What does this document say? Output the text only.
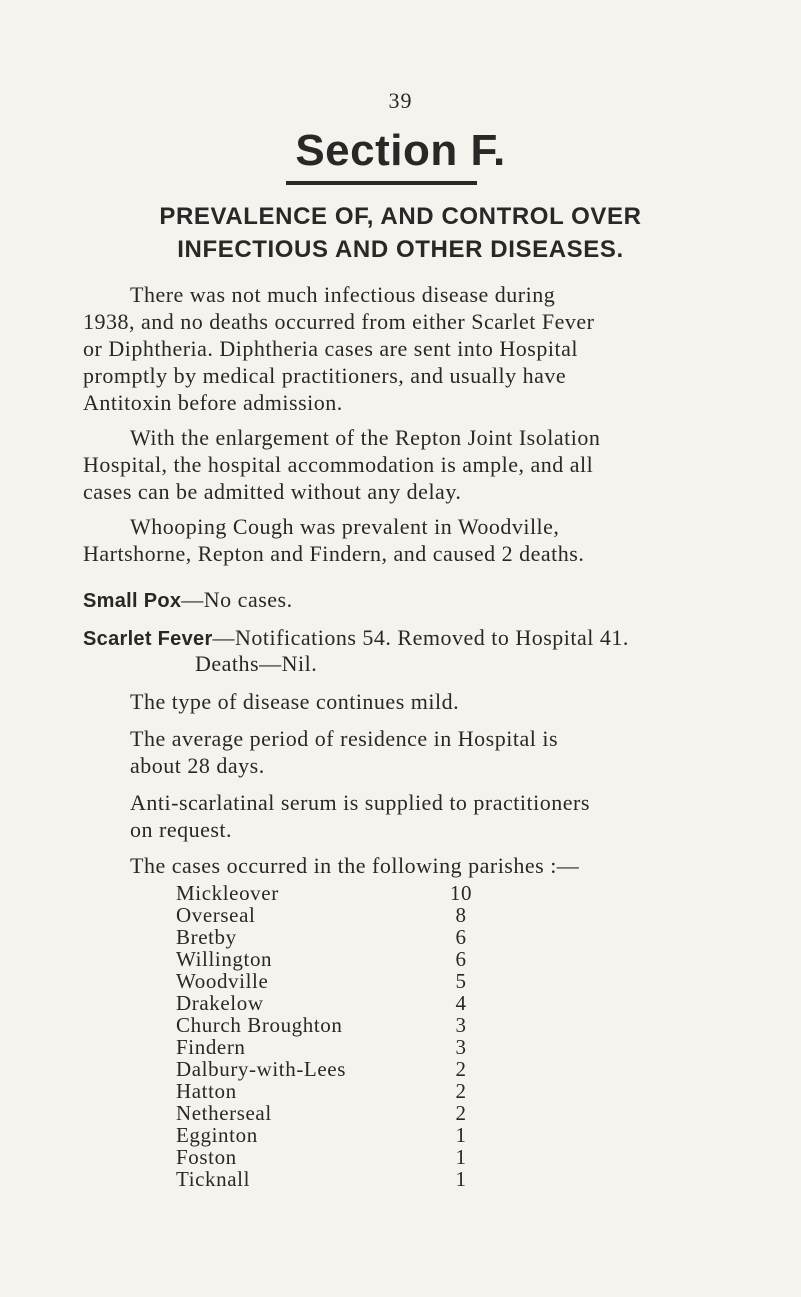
39
Section F.
PREVALENCE OF, AND CONTROL OVER
INFECTIOUS AND OTHER DISEASES.
There was not much infectious disease during
1938, and no deaths occurred from either Scarlet Fever
or Diphtheria. Diphtheria cases are sent into Hospital
promptly by medical practitioners, and usually have
Antitoxin before admission.
With the enlargement of the Repton Joint Isolation
Hospital, the hospital accommodation is ample, and all
cases can be admitted without any delay.
Whooping Cough was prevalent in Woodville,
Hartshorne, Repton and Findern, and caused 2 deaths.
Small Pox—No cases.
Scarlet Fever—Notifications 54. Removed to Hospital 41.
Deaths—Nil.
The type of disease continues mild.
The average period of residence in Hospital is
about 28 days.
Anti-scarlatinal serum is supplied to practitioners
on request.
The cases occurred in the following parishes :—
Mickleover	10
Overseal	8
Bretby	6
Willington	6
Woodville	5
Drakelow	4
Church Broughton	3
Findern	3
Dalbury-with-Lees	2
Hatton	2
Netherseal	2
Egginton	1
Foston	1
Ticknall	1
